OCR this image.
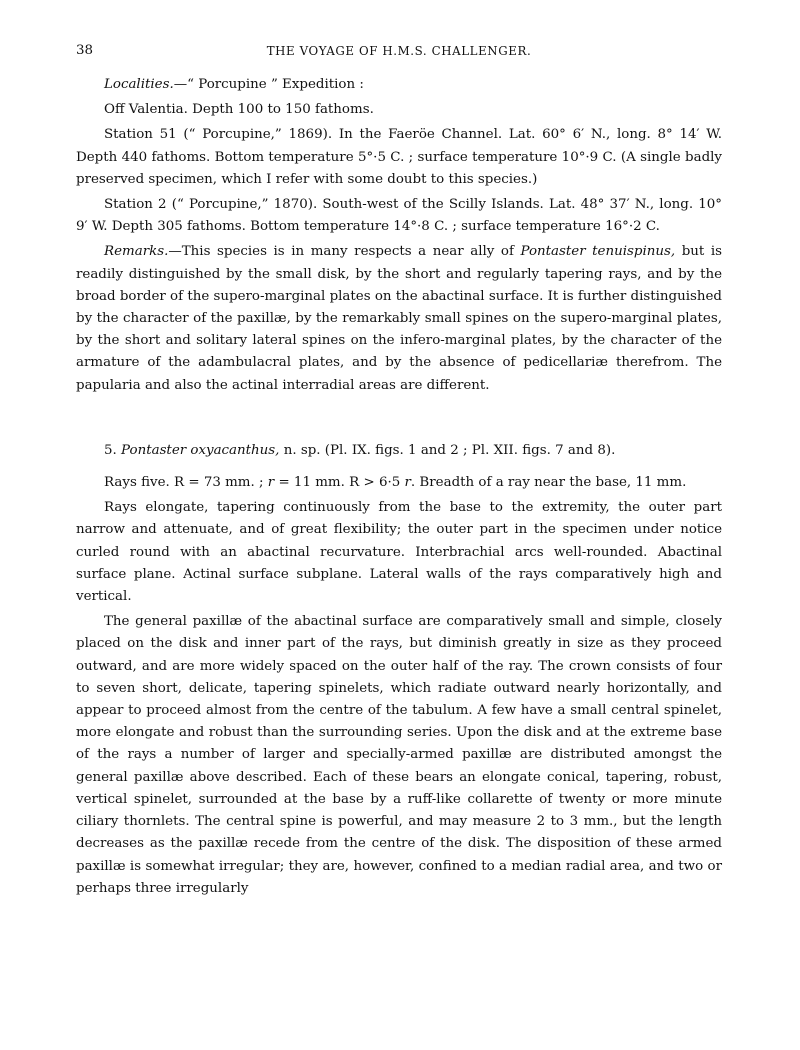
38	THE VOYAGE OF H.M.S. CHALLENGER.

Localities.—“ Porcupine ” Expedition :

Off Valentia. Depth 100 to 150 fathoms.

Station 51 (“ Porcupine,” 1869). In the Faeröe Channel. Lat. 60° 6′ N., long. 8° 14′ W. Depth 440 fathoms. Bottom temperature 5°·5 C. ; surface temperature 10°·9 C. (A single badly preserved specimen, which I refer with some doubt to this species.)

Station 2 (“ Porcupine,” 1870). South-west of the Scilly Islands. Lat. 48° 37′ N., long. 10° 9′ W. Depth 305 fathoms. Bottom temperature 14°·8 C. ; surface temperature 16°·2 C.

Remarks.—This species is in many respects a near ally of Pontaster tenuispinus, but is readily distinguished by the small disk, by the short and regularly tapering rays, and by the broad border of the supero-marginal plates on the abactinal surface. It is further distinguished by the character of the paxillæ, by the remarkably small spines on the supero-marginal plates, by the short and solitary lateral spines on the infero-marginal plates, by the character of the armature of the adambulacral plates, and by the absence of pedicellariæ therefrom. The papularia and also the actinal interradial areas are different.

5. Pontaster oxyacanthus, n. sp. (Pl. IX. figs. 1 and 2 ; Pl. XII. figs. 7 and 8).

Rays five. R = 73 mm. ; r = 11 mm. R > 6·5 r. Breadth of a ray near the base, 11 mm.

Rays elongate, tapering continuously from the base to the extremity, the outer part narrow and attenuate, and of great flexibility; the outer part in the specimen under notice curled round with an abactinal recurvature. Interbrachial arcs well-rounded. Abactinal surface plane. Actinal surface subplane. Lateral walls of the rays comparatively high and vertical.

The general paxillæ of the abactinal surface are comparatively small and simple, closely placed on the disk and inner part of the rays, but diminish greatly in size as they proceed outward, and are more widely spaced on the outer half of the ray. The crown consists of four to seven short, delicate, tapering spinelets, which radiate outward nearly horizontally, and appear to proceed almost from the centre of the tabulum. A few have a small central spinelet, more elongate and robust than the surrounding series. Upon the disk and at the extreme base of the rays a number of larger and specially-armed paxillæ are distributed amongst the general paxillæ above described. Each of these bears an elongate conical, tapering, robust, vertical spinelet, surrounded at the base by a ruff-like collarette of twenty or more minute ciliary thornlets. The central spine is powerful, and may measure 2 to 3 mm., but the length decreases as the paxillæ recede from the centre of the disk. The disposition of these armed paxillæ is somewhat irregular; they are, however, confined to a median radial area, and two or perhaps three irregularly
